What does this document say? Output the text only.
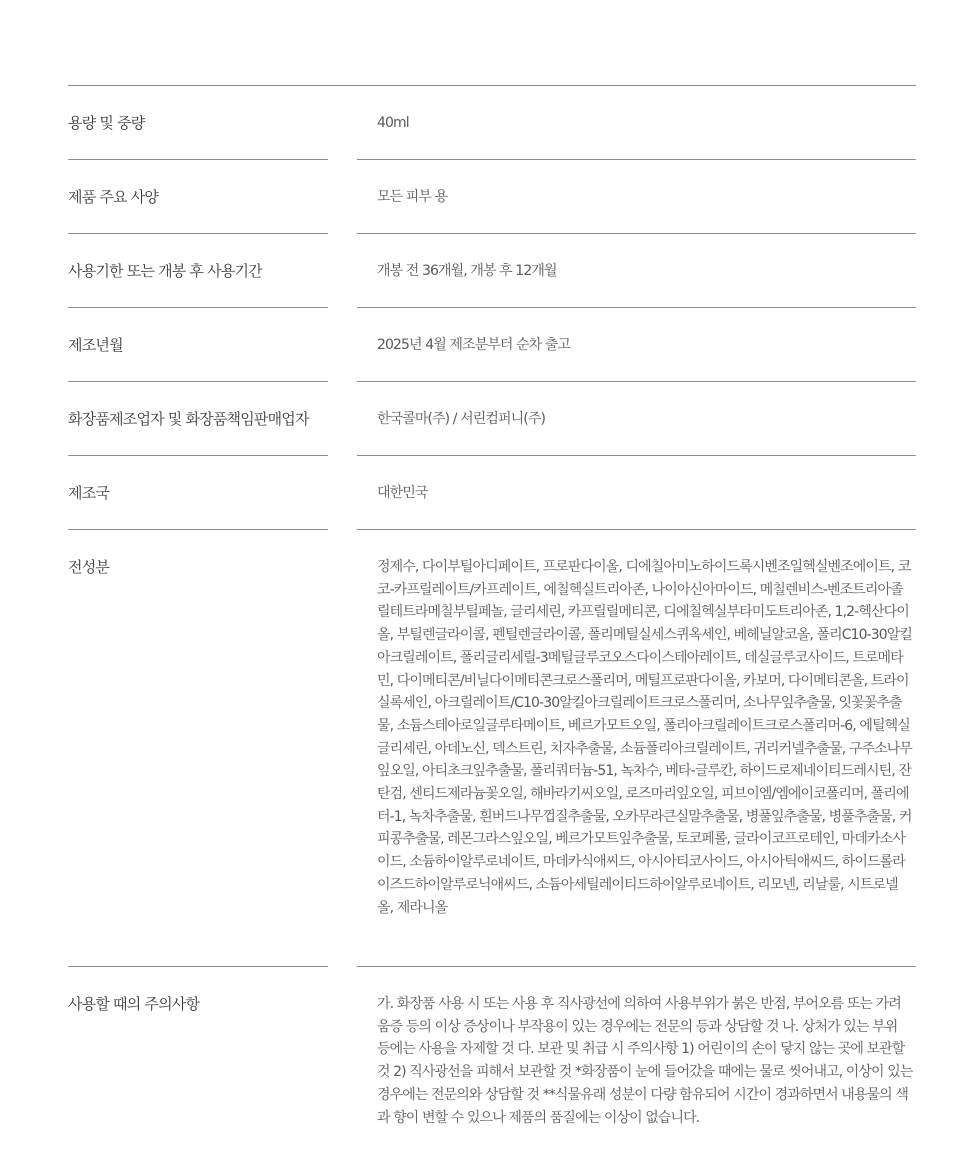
용량 및 중량	40ml
제품 주요 사양	모든 피부 용
사용기한 또는 개봉 후 사용기간	개봉 전 36개월, 개봉 후 12개월
제조년월	2025년 4월 제조분부터 순차 출고
화장품제조업자 및 화장품책임판매업자	한국콜마(주) / 서린컴퍼니(주)
제조국	대한민국
전성분	정제수, 다이부틸아디페이트, 프로판다이올, 디에칠아미노하이드록시벤조일헥실벤조에이트, 코코-카프릴레이트/카프레이트, 에칠헥실트리아존, 나이아신아마이드, 메칠렌비스-벤조트리아졸릴테트라메칠부틸페놀, 글리세린, 카프릴릴메티콘, 디에칠헥실부타미도트리아존, 1,2-헥산다이올, 부틸렌글라이콜, 펜틸렌글라이콜, 폴리메틸실세스퀴옥세인, 베헤닐알코올, 폴리C10-30알킬아크릴레이트, 폴리글리세릴-3메틸글루코오스다이스테아레이트, 데실글루코사이드, 트로메타민, 다이메티콘/비닐다이메티콘크로스폴리머, 메틸프로판다이올, 카보머, 다이메티콘올, 트라이실록세인, 아크릴레이트/C10-30알킬아크릴레이트크로스폴리머, 소나무잎추출물, 잇꽃꽃추출물, 소듐스테아로일글루타메이트, 베르가모트오일, 폴리아크릴레이트크로스폴리머-6, 에틸헥실글리세린, 아데노신, 덱스트린, 치자추출물, 소듐폴리아크릴레이트, 귀리커넬추출물, 구주소나무잎오일, 아티초크잎추출물, 폴리쿼터늄-51, 녹차수, 베타-글루칸, 하이드로제네이티드레시틴, 잔탄검, 센티드제라늄꽃오일, 해바라기씨오일, 로즈마리잎오일, 피브이엠/엠에이코폴리머, 폴리에터-1, 녹차추출물, 흰버드나무껍질추출물, 오카무라큰실말추출물, 병풀잎추출물, 병풀추출물, 커피콩추출물, 레몬그라스잎오일, 베르가모트잎추출물, 토코페롤, 글라이코프로테인, 마데카소사이드, 소듐하이알루로네이트, 마데카식애씨드, 아시아티코사이드, 아시아틱애씨드, 하이드롤라이즈드하이알루로닉애씨드, 소듐아세틸레이티드하이알루로네이트, 리모넨, 리날룰, 시트로넬올, 제라니올
사용할 때의 주의사항	가. 화장품 사용 시 또는 사용 후 직사광선에 의하여 사용부위가 붉은 반점, 부어오름 또는 가려움증 등의 이상 증상이나 부작용이 있는 경우에는 전문의 등과 상담할 것 나. 상처가 있는 부위 등에는 사용을 자제할 것 다. 보관 및 취급 시 주의사항 1) 어린이의 손이 닿지 않는 곳에 보관할 것 2) 직사광선을 피해서 보관할 것 *화장품이 눈에 들어갔을 때에는 물로 씻어내고, 이상이 있는 경우에는 전문의와 상담할 것 **식물유래 성분이 다량 함유되어 시간이 경과하면서 내용물의 색과 향이 변할 수 있으나 제품의 품질에는 이상이 없습니다.
